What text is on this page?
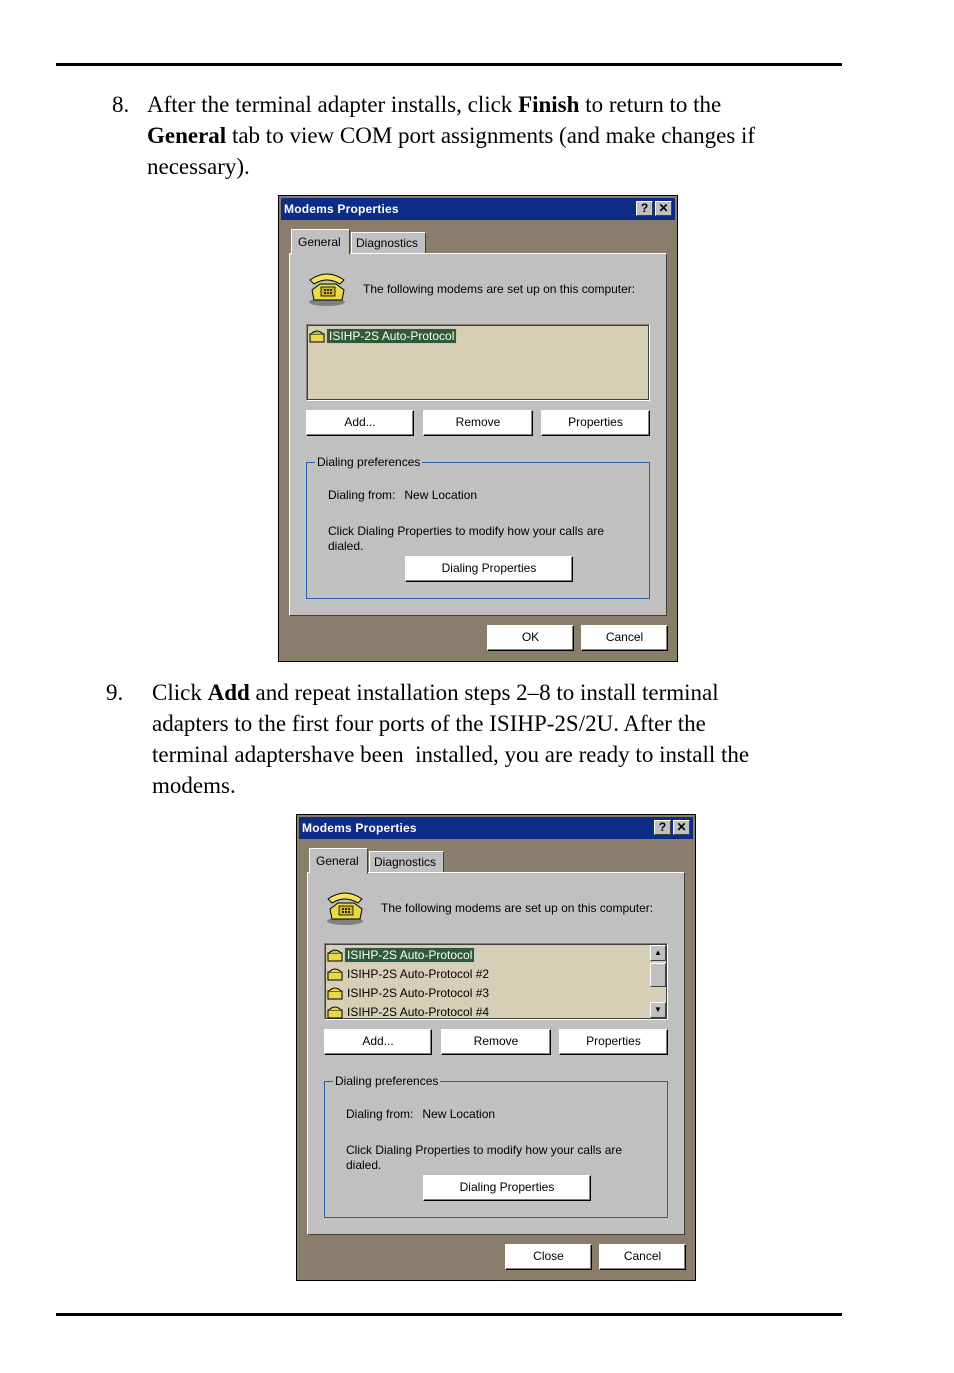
8. After the terminal adapter installs, click Finish to return to the
General tab to view COM port assignments (and make changes if
necessary).
Modems Properties	? ✕
General	Diagnostics
The following modems are set up on this computer:
ISIHP-2S Auto-Protocol
Add...	Remove	Properties
Dialing preferences
Dialing from: New Location
Click Dialing Properties to modify how your calls are dialed.
Dialing Properties
OK	Cancel
9. Click Add and repeat installation steps 2–8 to install terminal
adapters to the first four ports of the ISIHP-2S/2U. After the
terminal adaptershave been  installed, you are ready to install the
modems.
Modems Properties	? ✕
General	Diagnostics
The following modems are set up on this computer:
ISIHP-2S Auto-Protocol
ISIHP-2S Auto-Protocol #2
ISIHP-2S Auto-Protocol #3
ISIHP-2S Auto-Protocol #4
▲
▼
Add...	Remove	Properties
Dialing preferences
Dialing from: New Location
Click Dialing Properties to modify how your calls are dialed.
Dialing Properties
Close	Cancel
